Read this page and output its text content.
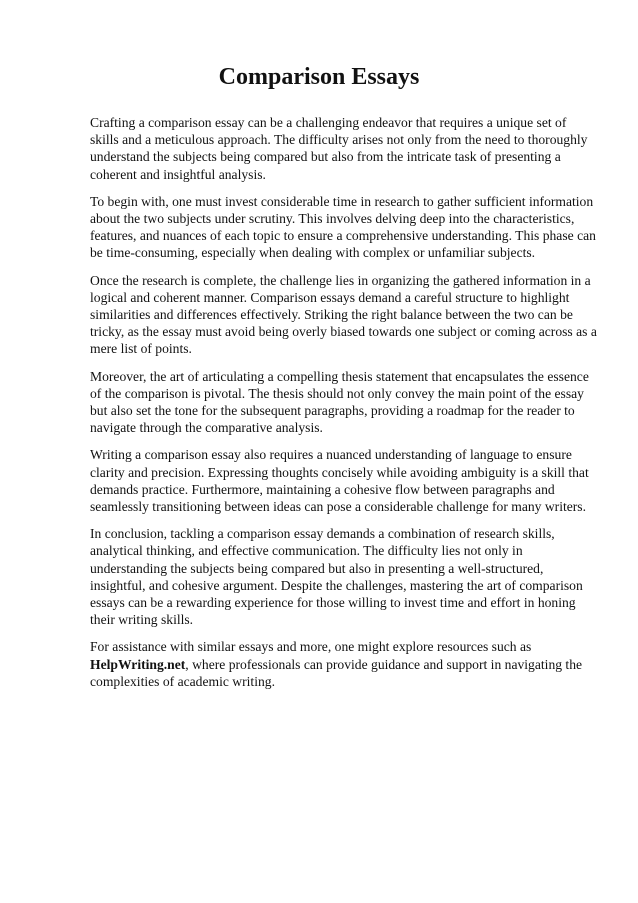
Comparison Essays

Crafting a comparison essay can be a challenging endeavor that requires a unique set of skills and a meticulous approach. The difficulty arises not only from the need to thoroughly understand the subjects being compared but also from the intricate task of presenting a coherent and insightful analysis.

To begin with, one must invest considerable time in research to gather sufficient information about the two subjects under scrutiny. This involves delving deep into the characteristics, features, and nuances of each topic to ensure a comprehensive understanding. This phase can be time-consuming, especially when dealing with complex or unfamiliar subjects.

Once the research is complete, the challenge lies in organizing the gathered information in a logical and coherent manner. Comparison essays demand a careful structure to highlight similarities and differences effectively. Striking the right balance between the two can be tricky, as the essay must avoid being overly biased towards one subject or coming across as a mere list of points.

Moreover, the art of articulating a compelling thesis statement that encapsulates the essence of the comparison is pivotal. The thesis should not only convey the main point of the essay but also set the tone for the subsequent paragraphs, providing a roadmap for the reader to navigate through the comparative analysis.

Writing a comparison essay also requires a nuanced understanding of language to ensure clarity and precision. Expressing thoughts concisely while avoiding ambiguity is a skill that demands practice. Furthermore, maintaining a cohesive flow between paragraphs and seamlessly transitioning between ideas can pose a considerable challenge for many writers.

In conclusion, tackling a comparison essay demands a combination of research skills, analytical thinking, and effective communication. The difficulty lies not only in understanding the subjects being compared but also in presenting a well-structured, insightful, and cohesive argument. Despite the challenges, mastering the art of comparison essays can be a rewarding experience for those willing to invest time and effort in honing their writing skills.

For assistance with similar essays and more, one might explore resources such as HelpWriting.net, where professionals can provide guidance and support in navigating the complexities of academic writing.
